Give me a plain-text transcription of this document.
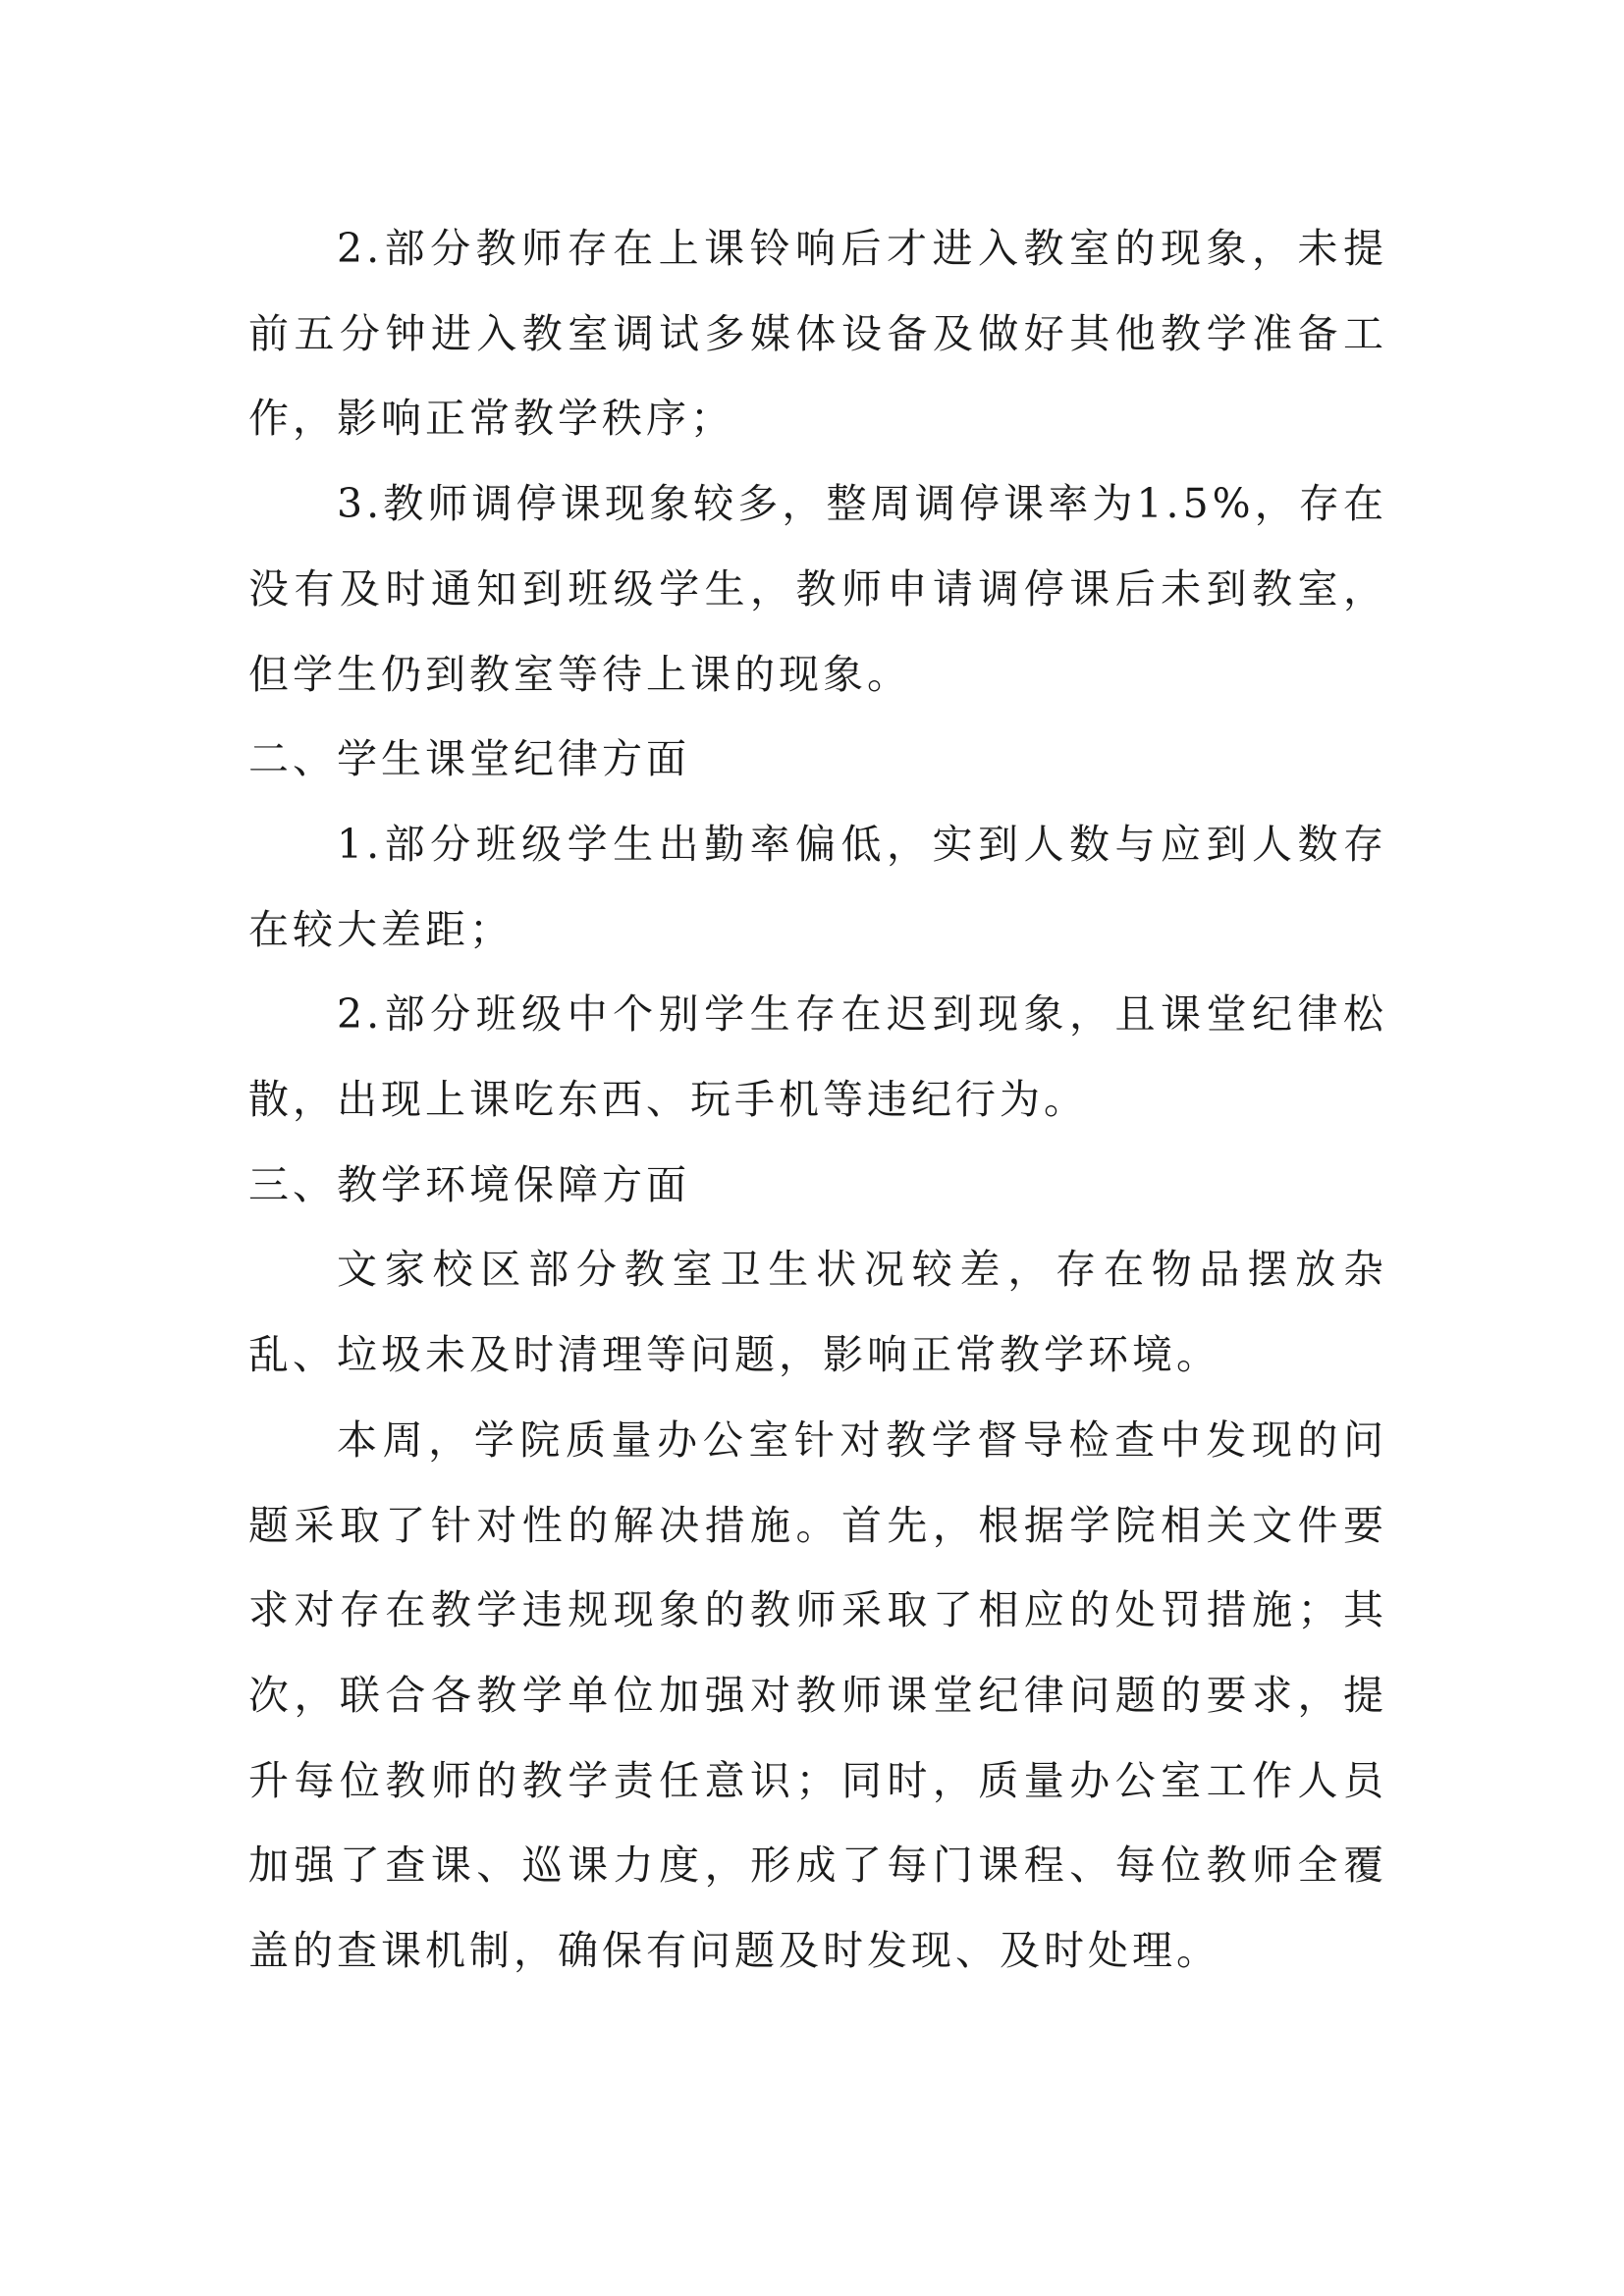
2.部分教师存在上课铃响后才进入教室的现象，未提前五分钟进入教室调试多媒体设备及做好其他教学准备工作，影响正常教学秩序；

3.教师调停课现象较多，整周调停课率为1.5%，存在没有及时通知到班级学生，教师申请调停课后未到教室，但学生仍到教室等待上课的现象。

二、学生课堂纪律方面

1.部分班级学生出勤率偏低，实到人数与应到人数存在较大差距；

2.部分班级中个别学生存在迟到现象，且课堂纪律松散，出现上课吃东西、玩手机等违纪行为。

三、教学环境保障方面

文家校区部分教室卫生状况较差，存在物品摆放杂乱、垃圾未及时清理等问题，影响正常教学环境。

本周，学院质量办公室针对教学督导检查中发现的问题采取了针对性的解决措施。首先，根据学院相关文件要求对存在教学违规现象的教师采取了相应的处罚措施；其次，联合各教学单位加强对教师课堂纪律问题的要求，提升每位教师的教学责任意识；同时，质量办公室工作人员加强了查课、巡课力度，形成了每门课程、每位教师全覆盖的查课机制，确保有问题及时发现、及时处理。
